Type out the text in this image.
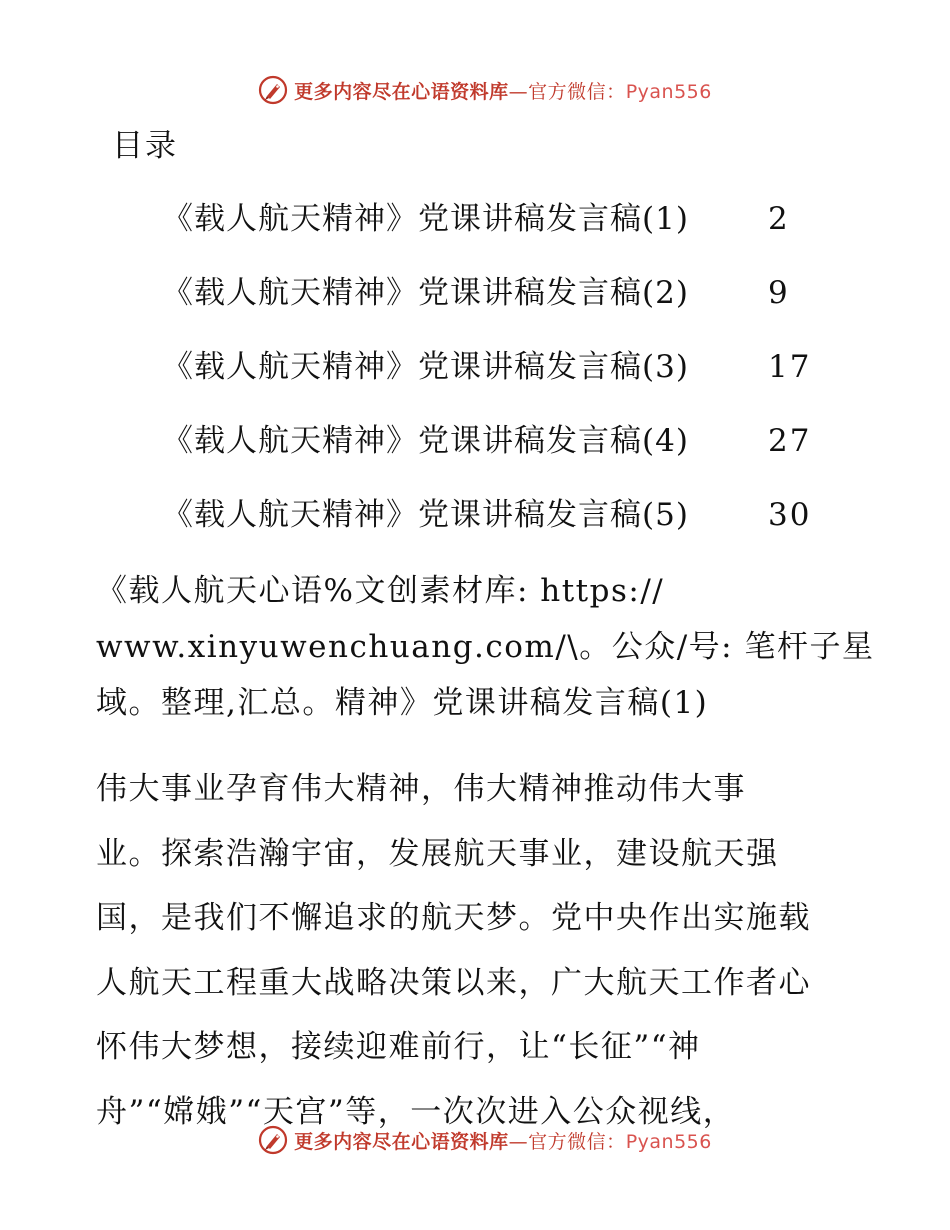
更多内容尽在心语资料库—官方微信：Pyan556
目录
《载人航天精神》党课讲稿发言稿(1)	2
《载人航天精神》党课讲稿发言稿(2)	9
《载人航天精神》党课讲稿发言稿(3)	17
《载人航天精神》党课讲稿发言稿(4)	27
《载人航天精神》党课讲稿发言稿(5)	30

《载人航天心语%文创素材库: https://
www.xinyuwenchuang.com/\。公众/号: 笔杆子星
域。整理,汇总。精神》党课讲稿发言稿(1)

伟大事业孕育伟大精神，伟大精神推动伟大事
业。探索浩瀚宇宙，发展航天事业，建设航天强
国，是我们不懈追求的航天梦。党中央作出实施载
人航天工程重大战略决策以来，广大航天工作者心
怀伟大梦想，接续迎难前行，让“长征”“神
舟”“嫦娥”“天宫”等，一次次进入公众视线，

更多内容尽在心语资料库—官方微信：Pyan556
